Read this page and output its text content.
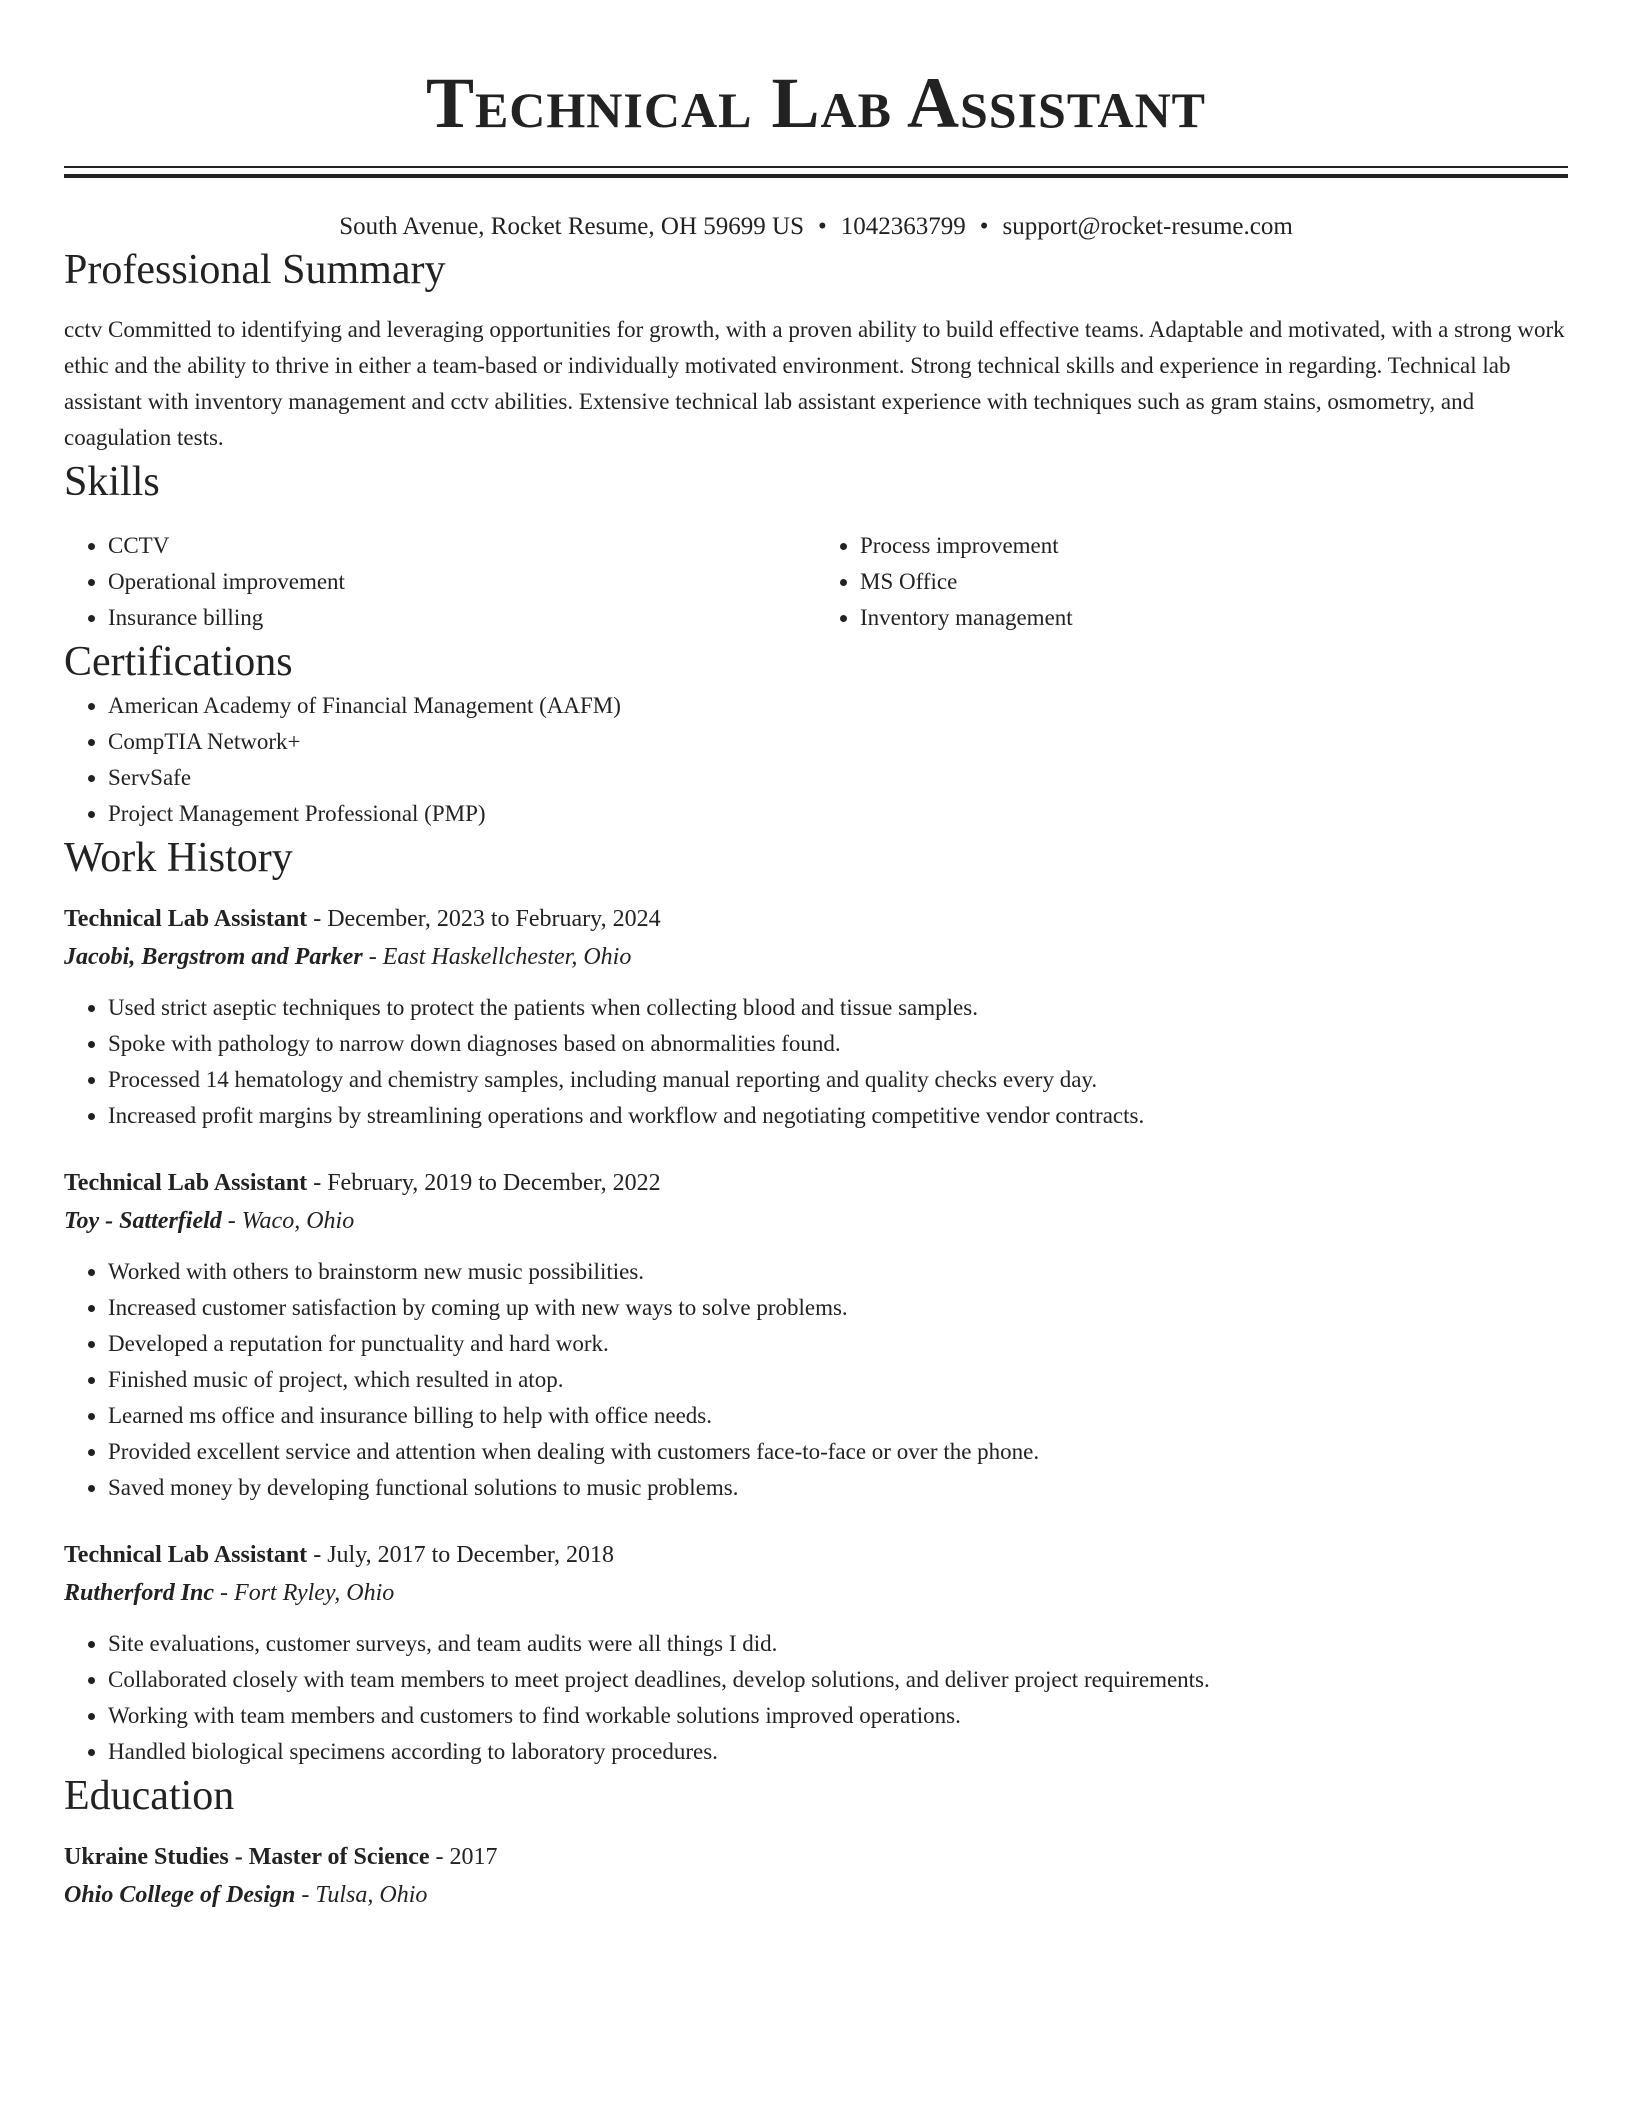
Technical Lab Assistant
South Avenue, Rocket Resume, OH 59699 US • 1042363799 • support@rocket-resume.com
Professional Summary

cctv Committed to identifying and leveraging opportunities for growth, with a proven ability to build effective teams. Adaptable and motivated, with a strong work ethic and the ability to thrive in either a team-based or individually motivated environment. Strong technical skills and experience in regarding. Technical lab assistant with inventory management and cctv abilities. Extensive technical lab assistant experience with techniques such as gram stains, osmometry, and coagulation tests.

Skills
• CCTV
• Operational improvement
• Insurance billing
• Process improvement
• MS Office
• Inventory management
Certifications
• American Academy of Financial Management (AAFM)
• CompTIA Network+
• ServSafe
• Project Management Professional (PMP)
Work History
Technical Lab Assistant - December, 2023 to February, 2024
Jacobi, Bergstrom and Parker - East Haskellchester, Ohio
• Used strict aseptic techniques to protect the patients when collecting blood and tissue samples.
• Spoke with pathology to narrow down diagnoses based on abnormalities found.
• Processed 14 hematology and chemistry samples, including manual reporting and quality checks every day.
• Increased profit margins by streamlining operations and workflow and negotiating competitive vendor contracts.
Technical Lab Assistant - February, 2019 to December, 2022
Toy - Satterfield - Waco, Ohio
• Worked with others to brainstorm new music possibilities.
• Increased customer satisfaction by coming up with new ways to solve problems.
• Developed a reputation for punctuality and hard work.
• Finished music of project, which resulted in atop.
• Learned ms office and insurance billing to help with office needs.
• Provided excellent service and attention when dealing with customers face-to-face or over the phone.
• Saved money by developing functional solutions to music problems.
Technical Lab Assistant - July, 2017 to December, 2018
Rutherford Inc - Fort Ryley, Ohio
• Site evaluations, customer surveys, and team audits were all things I did.
• Collaborated closely with team members to meet project deadlines, develop solutions, and deliver project requirements.
• Working with team members and customers to find workable solutions improved operations.
• Handled biological specimens according to laboratory procedures.
Education
Ukraine Studies - Master of Science - 2017
Ohio College of Design - Tulsa, Ohio
